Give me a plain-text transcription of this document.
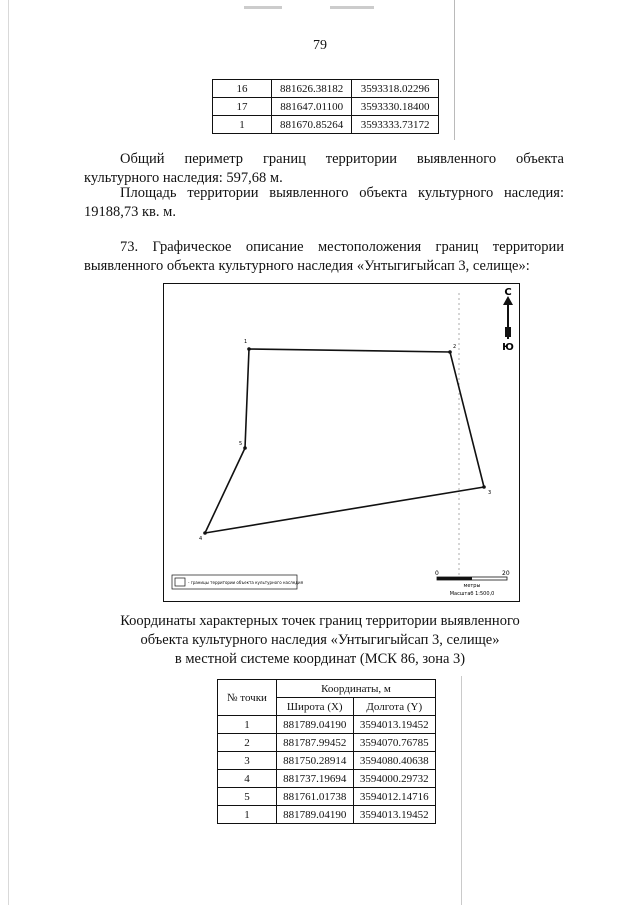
79
16	881626.38182	3593318.02296
17	881647.01100	3593330.18400
1	881670.85264	3593333.73172
Общий периметр границ территории выявленного объекта
культурного наследия: 597,68 м.
Площадь территории выявленного объекта культурного наследия:
19188,73 кв. м.
73. Графическое описание местоположения границ территории
выявленного объекта культурного наследия «Унтыгигыйсап 3, селище»:
1
2
3
4
5
С
Ю
0	20
метры
Масштаб 1:500,0
- границы территории объекта культурного наследия
Координаты характерных точек границ территории выявленного
объекта культурного наследия «Унтыгигыйсап 3, селище»
в местной системе координат (МСК 86, зона 3)
№ точки	Координаты, м	
	Широта (X)	Долгота (Y)
1	881789.04190	3594013.19452
2	881787.99452	3594070.76785
3	881750.28914	3594080.40638
4	881737.19694	3594000.29732
5	881761.01738	3594012.14716
1	881789.04190	3594013.19452
